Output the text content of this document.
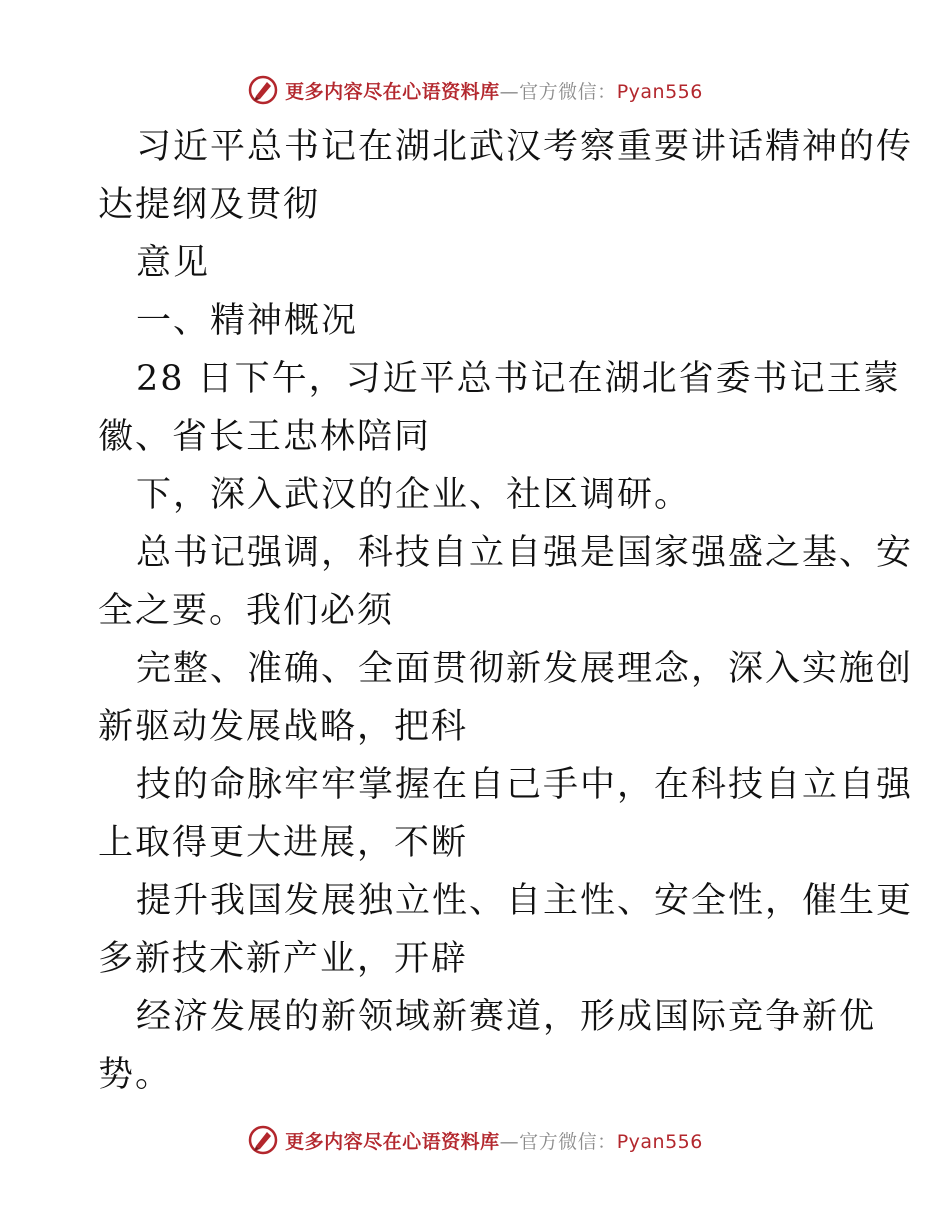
更多内容尽在心语资料库—官方微信：Pyan556
习近平总书记在湖北武汉考察重要讲话精神的传
达提纲及贯彻
意见
一、精神概况
28 日下午，习近平总书记在湖北省委书记王蒙
徽、省长王忠林陪同
下，深入武汉的企业、社区调研。
总书记强调，科技自立自强是国家强盛之基、安
全之要。我们必须
完整、准确、全面贯彻新发展理念，深入实施创
新驱动发展战略，把科
技的命脉牢牢掌握在自己手中，在科技自立自强
上取得更大进展，不断
提升我国发展独立性、自主性、安全性，催生更
多新技术新产业，开辟
经济发展的新领域新赛道，形成国际竞争新优
势。
更多内容尽在心语资料库—官方微信：Pyan556
